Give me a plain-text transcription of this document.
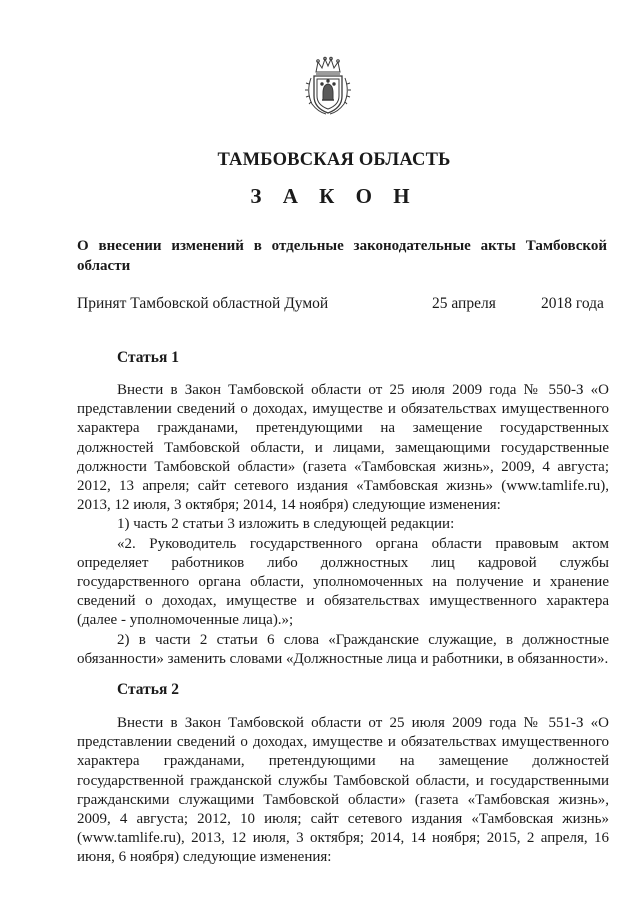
ТАМБОВСКАЯ ОБЛАСТЬ
З А К О Н
О внесении изменений в отдельные законодательные акты Тамбовской области
Принят Тамбовской областной Думой	25 апреля	2018 года
Статья 1

Внести в Закон Тамбовской области от 25 июля 2009 года № 550-З «О представлении сведений о доходах, имуществе и обязательствах имущественного характера гражданами, претендующими на замещение государственных должностей Тамбовской области, и лицами, замещающими государственные должности Тамбовской области» (газета «Тамбовская жизнь», 2009, 4 августа; 2012, 13 апреля; сайт сетевого издания «Тамбовская жизнь» (www.tamlife.ru), 2013, 12 июля, 3 октября; 2014, 14 ноября) следующие изменения:

1) часть 2 статьи 3 изложить в следующей редакции:

«2. Руководитель государственного органа области правовым актом определяет работников либо должностных лиц кадровой службы государственного органа области, уполномоченных на получение и хранение сведений о доходах, имуществе и обязательствах имущественного характера (далее - уполномоченные лица).»;

2) в части 2 статьи 6 слова «Гражданские служащие, в должностные обязанности» заменить словами «Должностные лица и работники, в обязанности».

Статья 2

Внести в Закон Тамбовской области от 25 июля 2009 года № 551-З «О представлении сведений о доходах, имуществе и обязательствах имущественного характера гражданами, претендующими на замещение должностей государственной гражданской службы Тамбовской области, и государственными гражданскими служащими Тамбовской области» (газета «Тамбовская жизнь», 2009, 4 августа; 2012, 10 июля; сайт сетевого издания «Тамбовская жизнь» (www.tamlife.ru), 2013, 12 июля, 3 октября; 2014, 14 ноября; 2015, 2 апреля, 16 июня, 6 ноября) следующие изменения:
